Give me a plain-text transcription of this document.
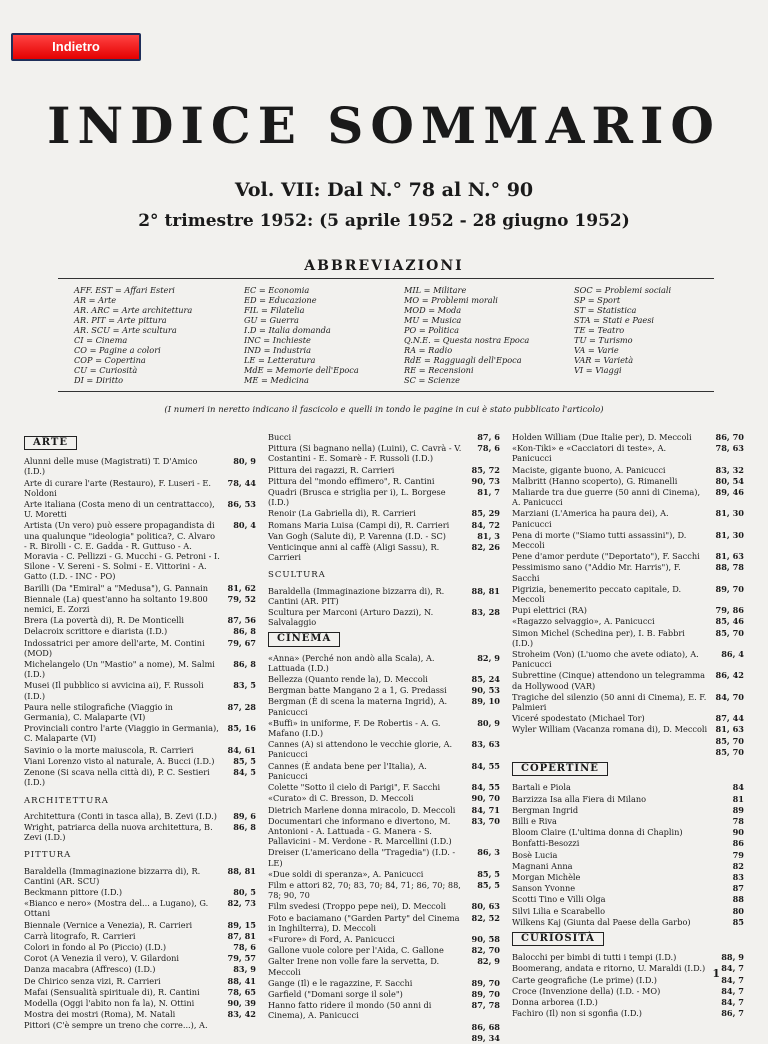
Indietro
INDICE SOMMARIO
Vol. VII: Dal N.° 78 al N.° 90
2° trimestre 1952: (5 aprile 1952 - 28 giugno 1952)
ABBREVIAZIONI
AFF. EST = Affari Esteri
AR = Arte
AR. ARC = Arte architettura
AR. PIT = Arte pittura
AR. SCU = Arte scultura
CI = Cinema
CO = Pagine a colori
COP = Copertina
CU = Curiosità
DI = Diritto
EC = Economia
ED = Educazione
FIL = Filatelia
GU = Guerra
I.D = Italia domanda
INC = Inchieste
IND = Industria
LE = Letteratura
MdE = Memorie dell'Epoca
ME = Medicina
MIL = Militare
MO = Problemi morali
MOD = Moda
MU = Musica
PO = Politica
Q.N.E. = Questa nostra Epoca
RA = Radio
RdE = Ragguagli dell'Epoca
RE = Recensioni
SC = Scienze
SOC = Problemi sociali
SP = Sport
ST = Statistica
STA = Stati e Paesi
TE = Teatro
TU = Turismo
VA = Varie
VAR = Varietà
VI = Viaggi
(I numeri in neretto indicano il fascicolo e quelli in tondo le pagine in cui è stato pubblicato l'articolo)
ARTE
Alunni delle muse (Magistrati) T. D'Amico (I.D.)
80, 9
Arte di curare l'arte (Restauro), F. Luseri - E. Noldoni
78, 44
Arte italiana (Costa meno di un centrattacco), U. Moretti
86, 53
Artista (Un vero) può essere propagandista di una qualunque "ideologia" politica?, C. Alvaro - R. Birolli - C. E. Gadda - R. Guttuso - A. Moravia - C. Pellizzi - G. Mucchi - G. Petroni - I. Silone - V. Sereni - S. Solmi - E. Vittorini - A. Gatto (I.D. - INC - PO)
80, 4
Barilli (Da "Emiral" a "Medusa"), G. Pannain	81, 62
Biennale (La) quest'anno ha soltanto 19.800 nemici, E. Zorzi
79, 52
Brera (La povertà di), R. De Monticelli	87, 56
Delacroix scrittore e diarista (I.D.)	86, 8
Indossatrici per amore dell'arte, M. Contini (MOD)
79, 67
Michelangelo (Un "Mastio" a nome), M. Salmi (I.D.)
86, 8
Musei (Il pubblico si avvicina ai), F. Russoli (I.D.)
83, 5
Paura nelle stilografiche (Viaggio in Germania), C. Malaparte (VI)
87, 28
Provinciali contro l'arte (Viaggio in Germania), C. Malaparte (VI)
85, 16
Savinio o la morte maiuscola, R. Carrieri	84, 61
Viani Lorenzo visto al naturale, A. Bucci (I.D.)	85, 5
Zenone (Si scava nella città di), P. C. Sestieri (I.D.)
84, 5
ARCHITETTURA
Architettura (Conti in tasca alla), B. Zevi (I.D.)	89, 6
Wright, patriarca della nuova architettura, B. Zevi (I.D.)
86, 8
PITTURA
Baraldella (Immaginazione bizzarra di), R. Cantini (AR. SCU)
88, 81
Beckmann pittore (I.D.)	80, 5
«Bianco e nero» (Mostra del... a Lugano), G. Ottani
82, 73
Biennale (Vernice a Venezia), R. Carrieri	89, 15
Carrà litografo, R. Carrieri	87, 81
Colori in fondo al Po (Piccio) (I.D.)	78, 6
Corot (A Venezia il vero), V. Gilardoni	79, 57
Danza macabra (Affresco) (I.D.)	83, 9
De Chirico senza vizi, R. Carrieri	88, 41
Mafai (Sensualità spirituale di), R. Cantini	78, 65
Modella (Oggi l'abito non fa la), N. Ottini	90, 39
Mostra dei mostri (Roma), M. Natali	83, 42
Pittori (C'è sempre un treno che corre...), A.
Bucci	87, 6
Pittura (Si bagnano nella) (Luini), C. Cavrà - V. Costantini - E. Somarè - F. Russoli (I.D.)
78, 6
Pittura dei ragazzi, R. Carrieri	85, 72
Pittura del "mondo effimero", R. Cantini	90, 73
Quadri (Brusca e striglia per i), L. Borgese (I.D.)
81, 7
Renoir (La Gabriella di), R. Carrieri	85, 29
Romans Maria Luisa (Campi di), R. Carrieri	84, 72
Van Gogh (Salute di), P. Varenna (I.D. - SC)	81, 3
Venticinque anni al caffè (Aligi Sassu), R. Carrieri
82, 26
SCULTURA
Baraldella (Immaginazione bizzarra di), R. Cantini (AR. PIT)
88, 81
Scultura per Marconi (Arturo Dazzi), N. Salvalaggio
83, 28
CINEMA
«Anna» (Perché non andò alla Scala), A. Lattuada (I.D.)
82, 9
Bellezza (Quanto rende la), D. Meccoli	85, 24
Bergman batte Mangano 2 a 1, G. Predassi	90, 53
Bergman (È di scena la materna Ingrid), A. Panicucci
89, 10
«Buffi» in uniforme, F. De Robertis - A. G. Mafano (I.D.)
80, 9
Cannes (A) si attendono le vecchie glorie, A. Panicucci
83, 63
Cannes (È andata bene per l'Italia), A. Panicucci
84, 55
Colette "Sotto il cielo di Parigi", F. Sacchi	84, 55
«Curato» di C. Bresson, D. Meccoli	90, 70
Dietrich Marlene donna miracolo, D. Meccoli	84, 71
Documentari che informano e divertono, M. Antonioni - A. Lattuada - G. Manera - S. Pallavicini - M. Verdone - R. Marcellini (I.D.)
83, 70
Dreiser (L'americano della "Tragedia") (I.D. - LE)
86, 3
«Due soldi di speranza», A. Panicucci	85, 5
Film e attori 82, 70; 83, 70; 84, 71; 86, 70; 88, 78; 90, 70
85, 5
Film svedesi (Troppo pepe nei), D. Meccoli	80, 63
Foto e baciamano ("Garden Party" del Cinema in Inghilterra), D. Meccoli
82, 52
«Furore» di Ford, A. Panicucci	90, 58
Gallone vuole colore per l'Aida, C. Gallone	82, 70
Galter Irene non volle fare la servetta, D. Meccoli
82, 9
Gange (Il) e le ragazzine, F. Sacchi	89, 70
Garfield ("Domani sorge il sole")	89, 70
Hanno fatto ridere il mondo (50 anni di Cinema), A. Panicucci
87, 78
86, 68
89, 34
Holden William (Due Italie per), D. Meccoli	86, 70
«Kon-Tiki» e «Cacciatori di teste», A. Panicucci
78, 63
Maciste, gigante buono, A. Panicucci	83, 32
Malbritt (Hanno scoperto), G. Rimanelli	80, 54
Maliarde tra due guerre (50 anni di Cinema), A. Panicucci
89, 46
Marziani (L'America ha paura dei), A. Panicucci
81, 30
Pena di morte ("Siamo tutti assassini"), D. Meccoli
81, 30
Pene d'amor perdute ("Deportato"), F. Sacchi	81, 63
Pessimismo sano ("Addio Mr. Harris"), F. Sacchi
88, 78
Pigrizia, benemerito peccato capitale, D. Meccoli
89, 70
Pupi elettrici (RA)	79, 86
«Ragazzo selvaggio», A. Panicucci	85, 46
Simon Michel (Schedina per), I. B. Fabbri (I.D.)
85, 70
Stroheim (Von) (L'uomo che avete odiato), A. Panicucci
86, 4
Subrettine (Cinque) attendono un telegramma da Hollywood (VAR)
86, 42
Tragiche del silenzio (50 anni di Cinema), E. F. Palmieri
84, 70
Viceré spodestato (Michael Tor)	87, 44
Wyler William (Vacanza romana di), D. Meccoli	81, 63
85, 70
85, 70
COPERTINE
Bartali e Piola	84
Barzizza Isa alla Fiera di Milano	81
Bergman Ingrid	89
Billi e Riva	78
Bloom Claire (L'ultima donna di Chaplin)	90
Bonfatti-Besozzi	86
Bosè Lucia	79
Magnani Anna	82
Morgan Michèle	83
Sanson Yvonne	87
Scotti Tino e Villi Olga	88
Silvi Lilia e Scarabello	80
Wilkens Kaj (Giunta dal Paese della Garbo)	85
CURIOSITÀ
Balocchi per bimbi di tutti i tempi (I.D.)	88, 9
Boomerang, andata e ritorno, U. Maraldi (I.D.)	84, 7
Carte geografiche (Le prime) (I.D.)	84, 7
Croce (Invenzione della) (I.D. - MO)	84, 7
Donna arborea (I.D.)	84, 7
Fachiro (Il) non si sgonfia (I.D.)	86, 7
1
